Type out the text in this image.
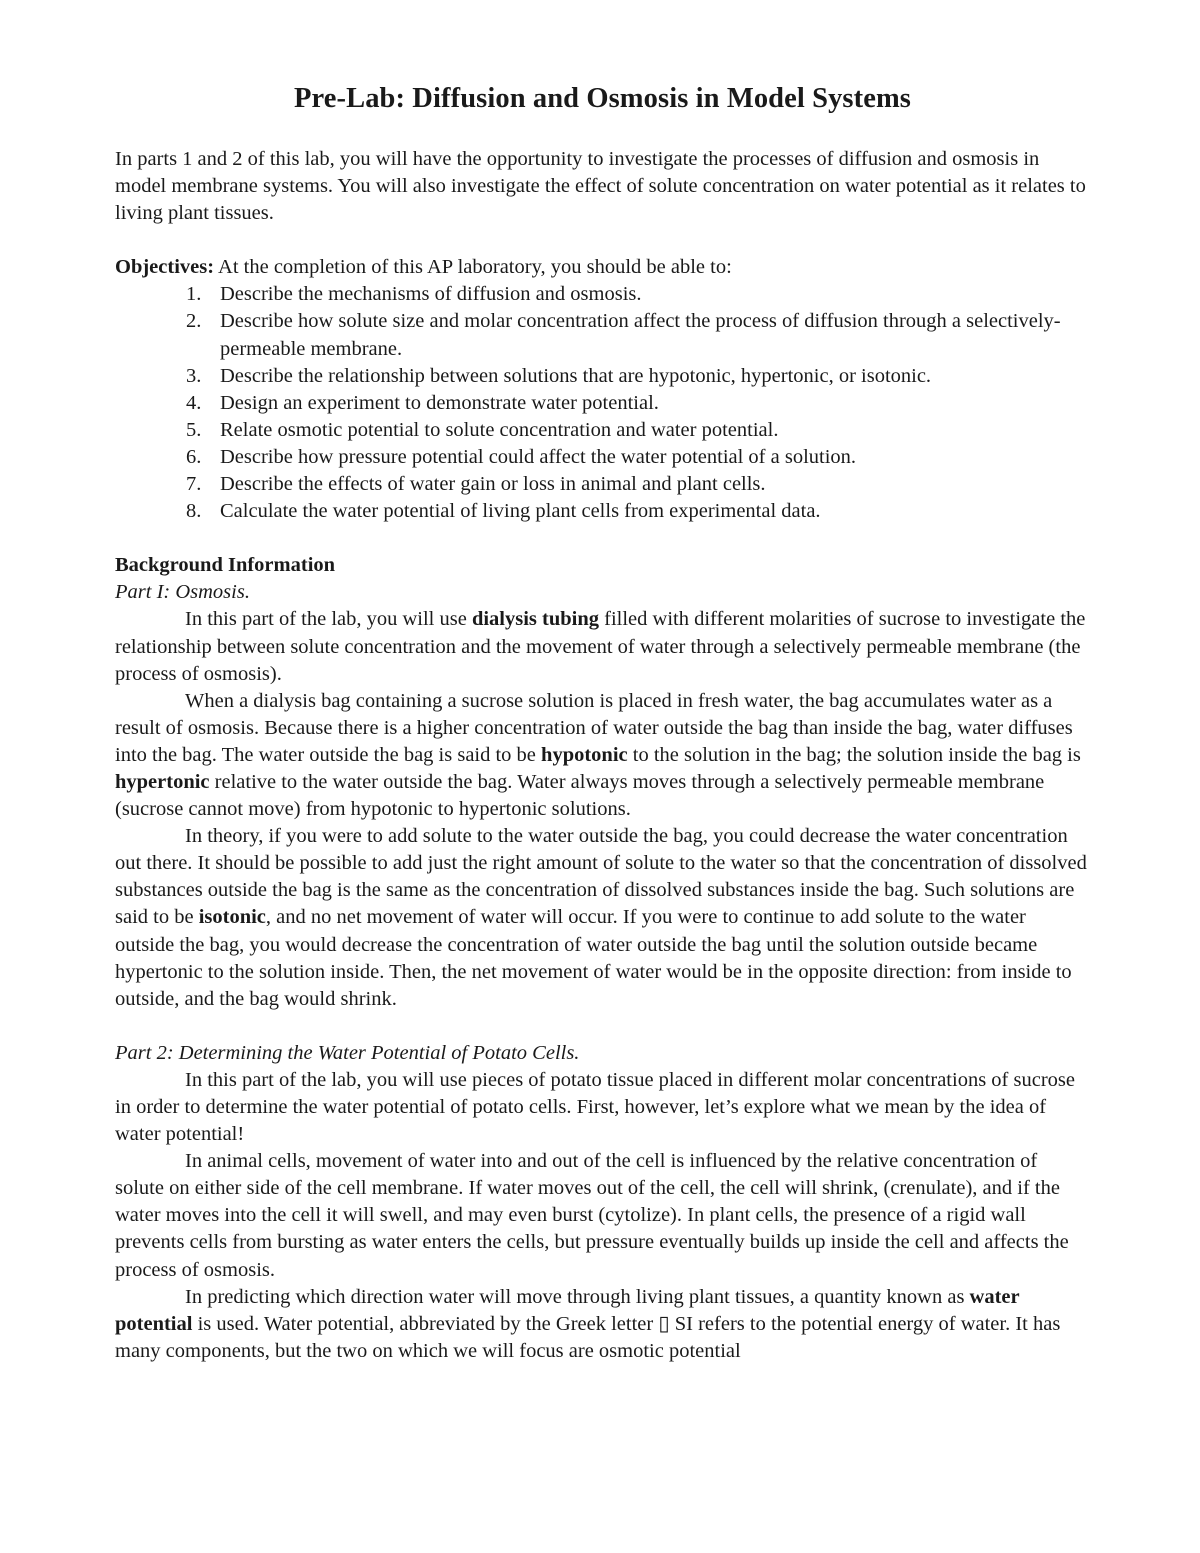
Pre-Lab: Diffusion and Osmosis in Model Systems

In parts 1 and 2 of this lab, you will have the opportunity to investigate the processes of diffusion and osmosis in model membrane systems. You will also investigate the effect of solute concentration on water potential as it relates to living plant tissues.

Objectives: At the completion of this AP laboratory, you should be able to:

1. Describe the mechanisms of diffusion and osmosis.
2. Describe how solute size and molar concentration affect the process of diffusion through a selectively-permeable membrane.
3. Describe the relationship between solutions that are hypotonic, hypertonic, or isotonic.
4. Design an experiment to demonstrate water potential.
5. Relate osmotic potential to solute concentration and water potential.
6. Describe how pressure potential could affect the water potential of a solution.
7. Describe the effects of water gain or loss in animal and plant cells.
8. Calculate the water potential of living plant cells from experimental data.

Background Information

Part I: Osmosis.

In this part of the lab, you will use dialysis tubing filled with different molarities of sucrose to investigate the relationship between solute concentration and the movement of water through a selectively permeable membrane (the process of osmosis).

When a dialysis bag containing a sucrose solution is placed in fresh water, the bag accumulates water as a result of osmosis. Because there is a higher concentration of water outside the bag than inside the bag, water diffuses into the bag. The water outside the bag is said to be hypotonic to the solution in the bag; the solution inside the bag is hypertonic relative to the water outside the bag. Water always moves through a selectively permeable membrane (sucrose cannot move) from hypotonic to hypertonic solutions.

In theory, if you were to add solute to the water outside the bag, you could decrease the water concentration out there. It should be possible to add just the right amount of solute to the water so that the concentration of dissolved substances outside the bag is the same as the concentration of dissolved substances inside the bag. Such solutions are said to be isotonic, and no net movement of water will occur. If you were to continue to add solute to the water outside the bag, you would decrease the concentration of water outside the bag until the solution outside became hypertonic to the solution inside. Then, the net movement of water would be in the opposite direction: from inside to outside, and the bag would shrink.

Part 2: Determining the Water Potential of Potato Cells.

In this part of the lab, you will use pieces of potato tissue placed in different molar concentrations of sucrose in order to determine the water potential of potato cells. First, however, let’s explore what we mean by the idea of water potential!

In animal cells, movement of water into and out of the cell is influenced by the relative concentration of solute on either side of the cell membrane. If water moves out of the cell, the cell will shrink, (crenulate), and if the water moves into the cell it will swell, and may even burst (cytolize). In plant cells, the presence of a rigid wall prevents cells from bursting as water enters the cells, but pressure eventually builds up inside the cell and affects the process of osmosis.

In predicting which direction water will move through living plant tissues, a quantity known as water potential is used. Water potential, abbreviated by the Greek letter ▯ SI refers to the potential energy of water. It has many components, but the two on which we will focus are osmotic potential
